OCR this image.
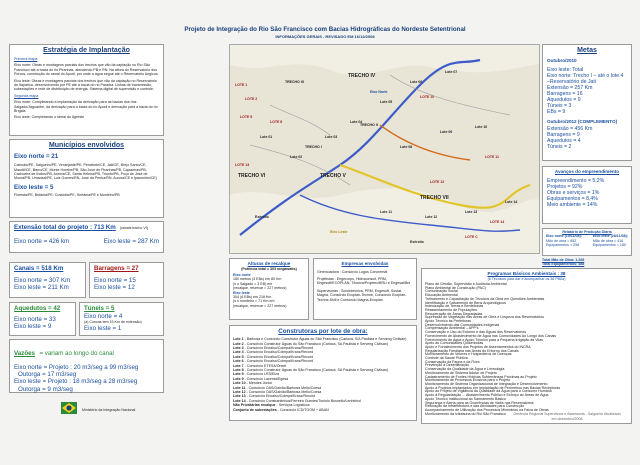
Projeto de Integração do Rio São Francisco com Bacias Hidrográficas do Nordeste Setentrional
INFORMAÇÕES GERAIS - REVISADO EM 16/12/2008
Estratégia de Implantação
Primeira etapa
Eixo norte: Obras e montagens parciais dos trechos que vão da captação no Rio São Francisco até a bacia do rio Piranhas, atendendo PB e RN. Na altura do Reservatório dos Porcos, construção do ramal do Apodi, por onde a água segue até o Reservatório Angicos.
Eixo leste: Obras e montagens parciais dos trechos que vão da captação no Reservatório de Itaparica, desenvolvendo por PE até a bacia do rio Paraíba. Linhas de transmissão, subestações e rede de distribuição de energia. Sistema digital de supervisão e controle.
Segunda etapa
Eixo norte: Completando a implantação da derivação para as bacias dos rios Salgado/Jaguaribe, da derivação para a bacia do rio Apodi e derivação para a bacia do rio Brígida.
Eixo leste: Completando o ramal do Agreste
Municípios envolvidos
Eixo norte = 21
Cabrobó/PE, Salgueiro/PE, Verdejante/PE, Penaforte/CE, Jati/CE, Brejo Santo/CE, Mauriti/CE, Barro/CE, Monte Horebe/PB, São José de Piranhas/PB, Cajazeiras/PB, Cachoeira de Índios/PB, Aurora/CE, Santa Helena/PB, Triunfo/PB, Poço de José de Moura/PB, Umarizal/PE, Luiz Gomes/RN, José da Penha/RN, Aurora/CE e Ipaumirim/CE)
Eixo leste = 5
Floresta/PE, Betânia/PE, Custódia/PE, Sertânia/PE e Monteiro/PB
Extensão total do projeto : 713 Km (canais tracho VI)
Eixo norte = 426 km	Eixo leste = 287 Km
Canais = 518 Km
Eixo norte = 307 Km
Eixo leste = 211 Km
Barragens = 27
Eixo norte = 15
Eixo leste = 12
Aquedutos = 42
Eixo norte = 33
Eixo leste = 9
Túneis = 5
Eixo norte = 4
(a) Cuncas tem 15 Km de extensão)
Eixo leste = 1
Vazões = variam ao longo do canal
Eixo norte = Projeto : 20 m3/seg a 99 m3/seg
Outorga = 17 m3/seg
Eixo leste = Projeto : 18 m3/seg a 28 m3/seg
Outorga = 9 m3/seg
Ministério da Integração Nacional
TRECHO III
TRECHO IV
TRECHO II
TRECHO I
TRECHO VI	TRECHO V
TRECHO VII
LOTE 1
LOTE 2
LOTE 5
LOTE 8
LOTE 10
LOTE 11
LOTE 12
LOTE 13
LOTE 14
LOTE C
Lote 01
Lote 02
Lote 03
Lote 04
Lote 05
Lote 06
Lote 07
Lote 08
Lote 09
Lote 10
Lote 11
Lote 12
Lote 13
Lote 14
Exército
Exército
Eixo Norte
Eixo Leste
Alturas de recalque
(Potência total = 303 megawatts)
Eixo norte
180 metros (3 EBs) em 80 Km
(s o Salgado = 3 EB) em
(recalque, reservar = 227 metros)
Eixo leste
304 (6 EBs) em 216 Km
(s o monteiro = 71 Km em
(recalque, reservar = 227 metros)
Empresas envolvidas
Gerenciadora : Consórcio Logos Concremat
Projetistas : Engecorps, Hidroconsult, PRM, Engesoft/ECOPLAN, Técnica/Projetec/BRLi e Engesat/Bni
Supervisoras : Sondotécnica, PRM, Engesoft, Sustat, Magna, Consórcio Ecoplan-Techne, Consórcio Ecoplan-Techne-Skill e Consórcio Magna-Ecoplan
Construtoras por lote de obra:
Lote 1 - Barbosa e Consórcio Construtor Águas do São Francisco (Carioca, S/A Paulista e Serveng Civilsan)
Lote 2 - Consórcio Construtor Águas do São Francisco (Carioca, SA Paulista e Serveng Civilsan)
Lote 3 - Consórcio Encalso/Coimpa/Kranz/Record
Lote 4 - Consórcio Encalso/Coimpa/Kranz/Record
Lote 5 - Consórcio Encalso/Coimpa/Kranz/Record
Lote 6 - Consórcio Encalso/Coimpa/Kranz/Record
Lote 7 - Consórcio ETESA/Oneel
Lote 8 - Consórcio Construtor Águas do São Francisco (Carioca, SA Paulista e Serveng Civilsan)
Lote 9 - Consórcio LRS/Eiza
Lote 9 - Consórcio Lacerda/Egesa
Lote 10 - Mendes Júnior
Lote 11 - Consórcio OAS/Galvão/Barbosa Mello/Coesa
Lote 12 - Consórcio OAS/Galvão/Barbosa Mello/Coesa
Lote 13 - Consórcio Encalso/Coimpa/Kranz/Record
Lote 14 - Consórcio Constrantinhos/Ferreira Guedes/Toniolo Busnello/Lenhinhol
Não Prioritárias recalque - Serviços Logísticos
Conjunto de subestações - Consórcio ICD/TOOM + ABAN
Metas
Outubro/2010
Eixo leste: Total
Eixo norte: Trecho I – até o lote 4 –Reservatório de Jati
Extensão = 257 Km
Barragens = 16
Aquedutos = 9
Túneis = 3
EBs = 9
Outubro/2012 (COMPLEMENTO)
Extensão = 456 Km
Barragens = 9
Aquedutos = 4
Túneis = 2
Avanços do empreendimento
Empreendimento = 5,2%
Projetos = 92%
Obras e serviços = 1%
Equipamentos = 8,4%
Meio ambiente = 14%
Relatório de Produção Diária
Eixo norte (19/11/08):
Mão de obra = 852
Equipamentos = 298
Eixo leste (28/11/08):
Mão de obra = 416
Equipamentos = 180
Total Mão de Obra: 1.268
Total Equipamentos: 488
Programas Básicos Ambientais : 38
(8 Técnicos para dar e acompanhar os 38 PBAs)
Plano de Gestão, Supervisão e Auditoria Ambiental
Plano Ambiental de Construção (PAC)
Comunicação Social
Educação Ambiental
Treinamento e Capacitação de Técnicos da Obra em Questões Ambientais
Identificação e Salvamento de Bens Arqueológicos
Indenização de Terras e Benfeitorias
Reassentamento de Populações
Recuperação de Áreas Degradadas
Supressão de Vegetação nas Áreas de Obra e Limpeza dos Reservatórios
Apoio Técnico às Prefeituras
Desenvolvimento das Comunidades Indígenas
Compensação Ambiental – APP's
Conservação e Uso do Entorno e das Águas dos Reservatórios
Fornecimento de Abastecimento de Água nas Comunidades Ao Longo dos Canais
Fornecimento de Água e Apoio Técnico para a Pequena Irrigação às Vilas
Apoio às Comunidades Quilombolas
Apoio e Fortalecimento dos Projetos de Assentamentos do INCRA
Regularização Fundiária nas Áreas do Entorno dos Canais
Monitoramento de Vetores e Hospedeiros de Doenças
Controle da Saúde Pública
Conservação da Fauna e da Flora
Prevenção à Desertificação
Conservação da Qualidade da Água e Limnologia
Monitoramento de Sistema Adutor de Projeto
Cadastramento de Fontes Hídricas Subterrâneas Próximas ao Projeto
Monitoramento de Processos Erosivos para o Projeto
Monitoramento de Sistema Organizacional de Integração e Desenvolvimento
Apoio à Projetos Implantados em Implantação de Perímetros nas Bacias Receptoras
Apoio ao Projeto de Vigilância da Qualidade da Água para o Consumo Humano
Apoio à Regularização ... Abastecimento Público e Esforço ao Áreas de Água
Apoio Técnico Institucional ao Saneamento Básico
Segurança e Alerta para as Ocorrências de Vadis nas Reservatórios
Relocação da Infraestrutura e das Atividades para Construção
Acompanhamento de Utilização dos Processos Minerários na Faixa de Obras
Monitoramento da Ictiofauna do Rio São Francisco	Gerência Regional Supervisora e Assessoria - Salgueiro Atualizado em dezembro/2008
